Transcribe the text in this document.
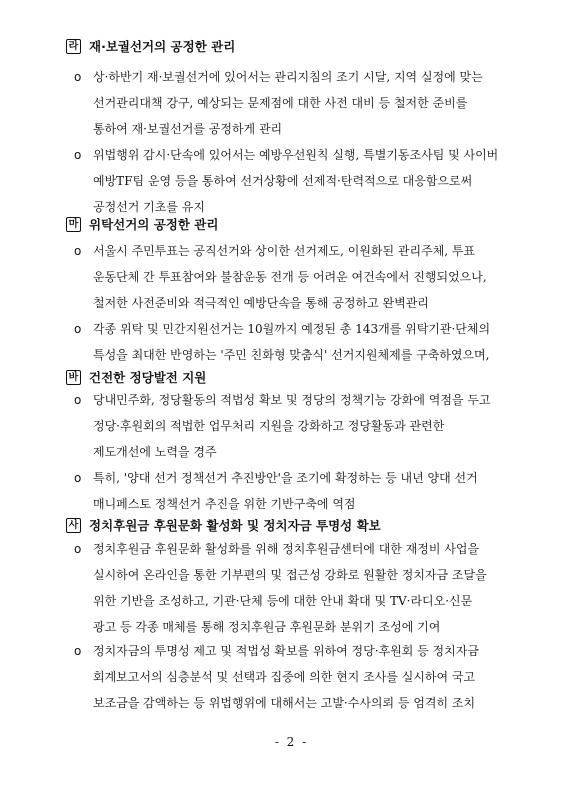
라 재·보궐선거의 공정한 관리
ο 상·하반기 재·보궐선거에 있어서는 관리지침의 조기 시달, 지역 실정에 맞는
선거관리대책 강구, 예상되는 문제점에 대한 사전 대비 등 철저한 준비를
통하여 재·보궐선거를 공정하게 관리
ο 위법행위 감시·단속에 있어서는 예방우선원칙 실행, 특별기동조사팀 및 사이버
예방TF팀 운영 등을 통하여 선거상황에 선제적·탄력적으로 대응함으로써
공정선거 기초를 유지
마 위탁선거의 공정한 관리
ο 서울시 주민투표는 공직선거와 상이한 선거제도, 이원화된 관리주체, 투표
운동단체 간 투표참여와 불참운동 전개 등 어려운 여건속에서 진행되었으나,
철저한 사전준비와 적극적인 예방단속을 통해 공정하고 완벽관리
ο 각종 위탁 및 민간지원선거는 10월까지 예정된 총 143개를 위탁기관·단체의
특성을 최대한 반영하는 '주민 친화형 맞춤식' 선거지원체제를 구축하였으며,
바 건전한 정당발전 지원
ο 당내민주화, 정당활동의 적법성 확보 및 정당의 정책기능 강화에 역점을 두고
정당·후원회의 적법한 업무처리 지원을 강화하고 정당활동과 관련한
제도개선에 노력을 경주
ο 특히, '양대 선거 정책선거 추진방안'을 조기에 확정하는 등 내년 양대 선거
매니페스토 정책선거 추진을 위한 기반구축에 역점
사 정치후원금 후원문화 활성화 및 정치자금 투명성 확보
ο 정치후원금 후원문화 활성화를 위해 정치후원금센터에 대한 재정비 사업을
실시하여 온라인을 통한 기부편의 및 접근성 강화로 원활한 정치자금 조달을
위한 기반을 조성하고, 기관·단체 등에 대한 안내 확대 및 TV·라디오·신문
광고 등 각종 매체를 통해 정치후원금 후원문화 분위기 조성에 기여
ο 정치자금의 투명성 제고 및 적법성 확보를 위하여 정당·후원회 등 정치자금
회계보고서의 심층분석 및 선택과 집중에 의한 현지 조사를 실시하여 국고
보조금을 감액하는 등 위법행위에 대해서는 고발·수사의뢰 등 엄격히 조치
- 2 -
